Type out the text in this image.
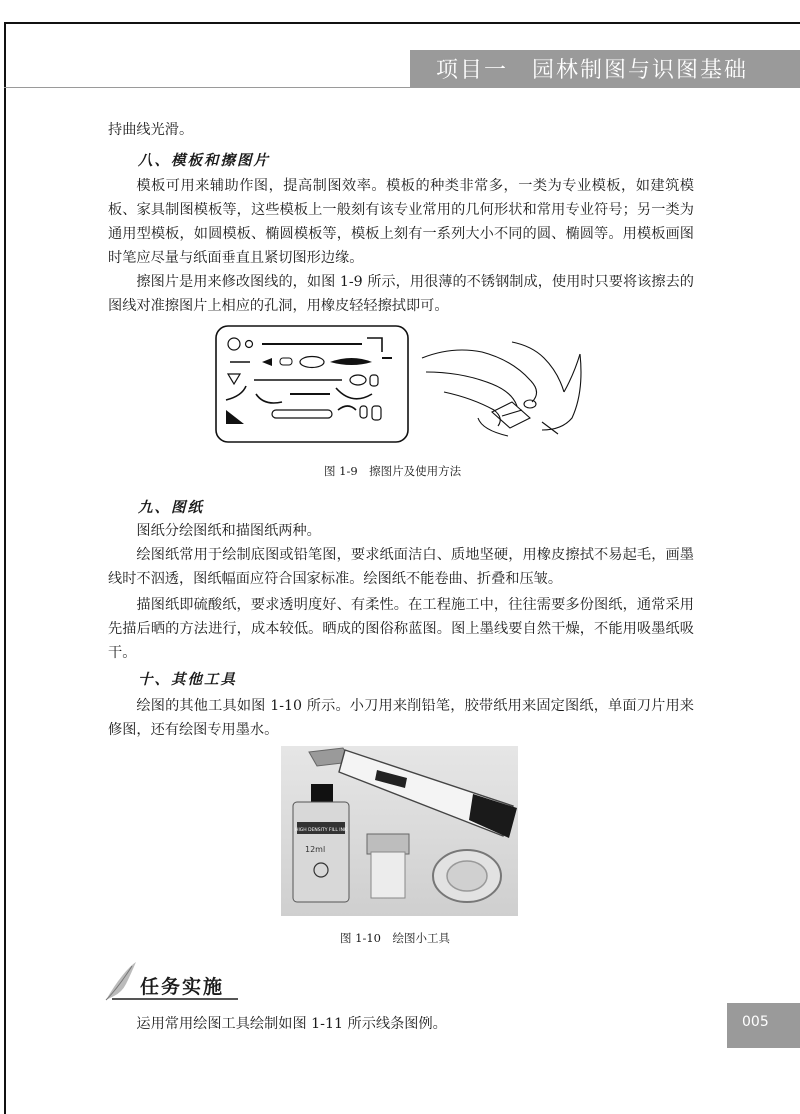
项目一　园林制图与识图基础
持曲线光滑。
八、模板和擦图片
模板可用来辅助作图，提高制图效率。模板的种类非常多，一类为专业模板，如建筑模板、家具制图模板等，这些模板上一般刻有该专业常用的几何形状和常用专业符号；另一类为通用型模板，如圆模板、椭圆模板等，模板上刻有一系列大小不同的圆、椭圆等。用模板画图时笔应尽量与纸面垂直且紧切图形边缘。
擦图片是用来修改图线的，如图 1-9 所示，用很薄的不锈钢制成，使用时只要将该擦去的图线对准擦图片上相应的孔洞，用橡皮轻轻擦拭即可。
图 1-9　擦图片及使用方法
九、图纸
图纸分绘图纸和描图纸两种。
绘图纸常用于绘制底图或铅笔图，要求纸面洁白、质地坚硬，用橡皮擦拭不易起毛，画墨线时不泅透，图纸幅面应符合国家标准。绘图纸不能卷曲、折叠和压皱。
描图纸即硫酸纸，要求透明度好、有柔性。在工程施工中，往往需要多份图纸，通常采用先描后晒的方法进行，成本较低。晒成的图俗称蓝图。图上墨线要自然干燥，不能用吸墨纸吸干。
十、其他工具
绘图的其他工具如图 1-10 所示。小刀用来削铅笔，胶带纸用来固定图纸，单面刀片用来修图，还有绘图专用墨水。
HIGH DENSITY FILL INK
12ml
图 1-10　绘图小工具
任务实施
运用常用绘图工具绘制如图 1-11 所示线条图例。	005
